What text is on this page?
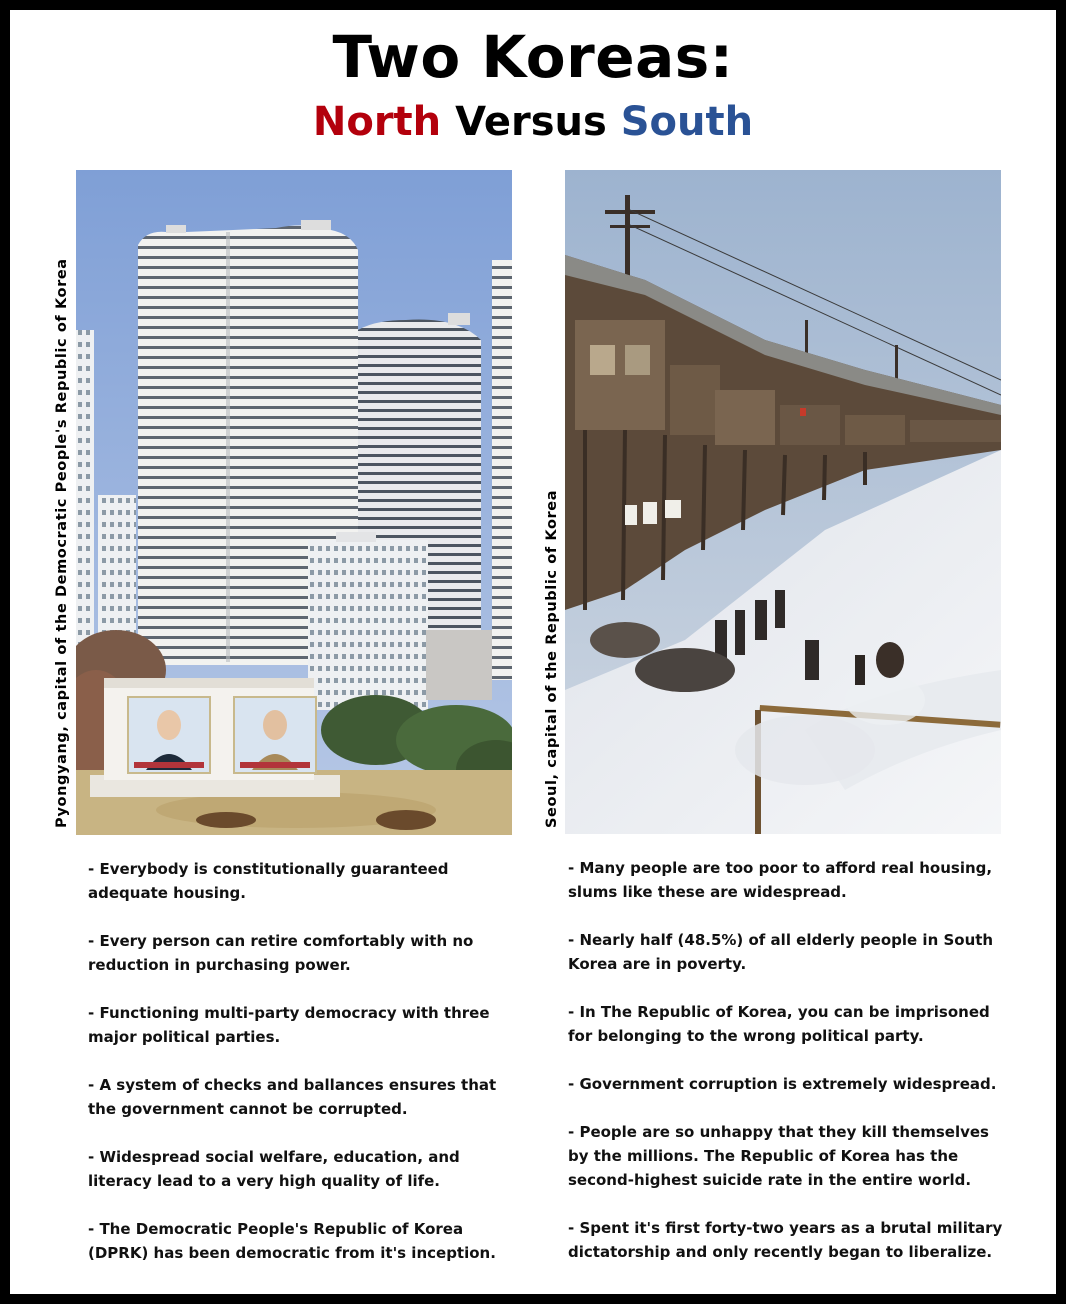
Two Koreas:
North Versus South
Pyongyang, capital of the Democratic People's Republic of Korea	Seoul, capital of the Republic of Korea

- Everybody is constitutionally guaranteed adequate housing.

- Every person can retire comfortably with no reduction in purchasing power.

- Functioning multi-party democracy with three major political parties.

- A system of checks and ballances ensures that the government cannot be corrupted.

- Widespread social welfare, education, and literacy lead to a very high quality of life.

- The Democratic People's Republic of Korea (DPRK) has been democratic from it's inception.

- Many people are too poor to afford real housing, slums like these are widespread.

- Nearly half (48.5%) of all elderly people in South Korea are in poverty.

- In The Republic of Korea, you can be imprisoned for belonging to the wrong political party.

- Government corruption is extremely widespread.

- People are so unhappy that they kill themselves by the millions. The Republic of Korea has the second-highest suicide rate in the entire world.

- Spent it's first forty-two years as a brutal military dictatorship and only recently began to liberalize.
